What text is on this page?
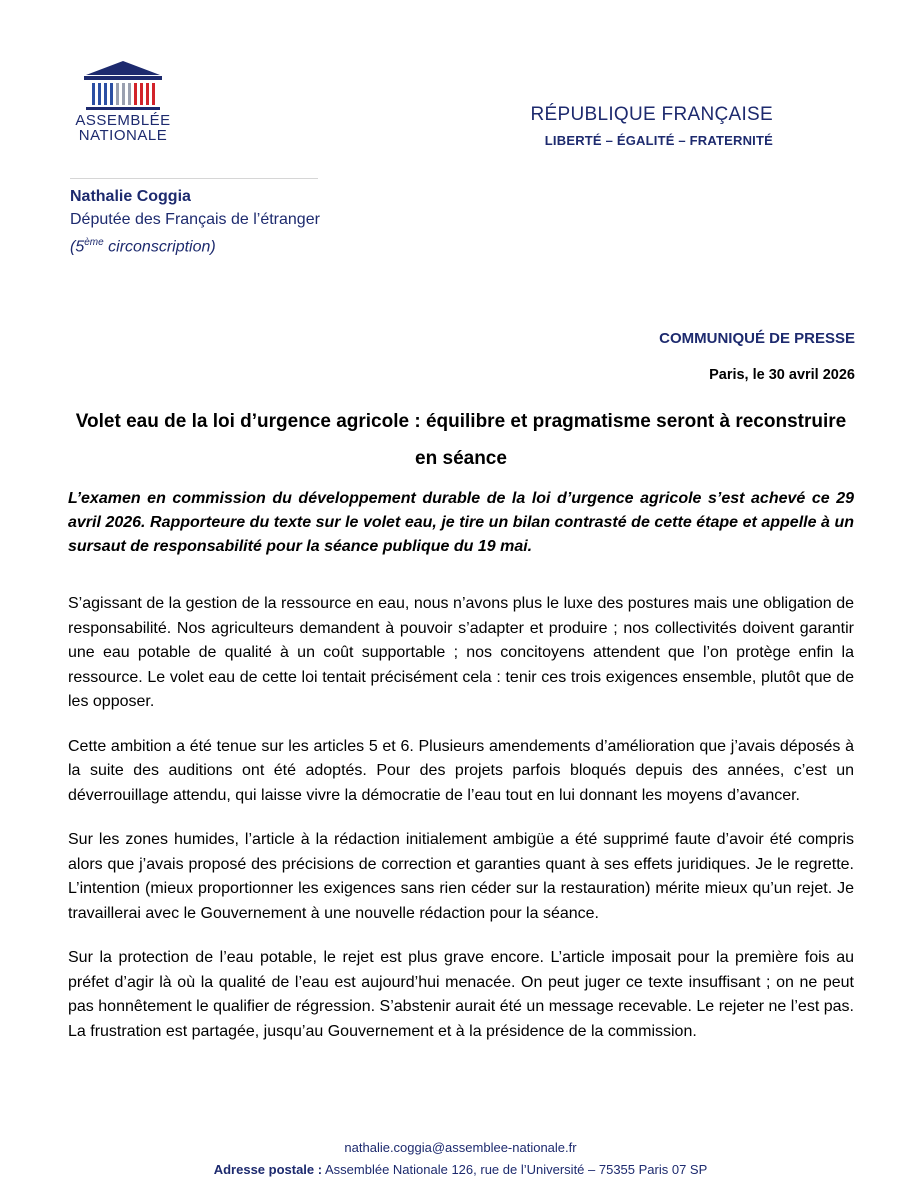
ASSEMBLÉE
NATIONALE
RÉPUBLIQUE FRANÇAISE
LIBERTÉ – ÉGALITÉ – FRATERNITÉ
Nathalie Coggia
Députée des Français de l’étranger
(5ème circonscription)
COMMUNIQUÉ DE PRESSE
Paris, le 30 avril 2026
Volet eau de la loi d’urgence agricole : équilibre et pragmatisme seront à reconstruire en séance
L’examen en commission du développement durable de la loi d’urgence agricole s’est achevé ce 29 avril 2026. Rapporteure du texte sur le volet eau, je tire un bilan contrasté de cette étape et appelle à un sursaut de responsabilité pour la séance publique du 19 mai.

S’agissant de la gestion de la ressource en eau, nous n’avons plus le luxe des postures mais une obligation de responsabilité. Nos agriculteurs demandent à pouvoir s’adapter et produire ; nos collectivités doivent garantir une eau potable de qualité à un coût supportable ; nos concitoyens attendent que l’on protège enfin la ressource. Le volet eau de cette loi tentait précisément cela : tenir ces trois exigences ensemble, plutôt que de les opposer.

Cette ambition a été tenue sur les articles 5 et 6. Plusieurs amendements d’amélioration que j’avais déposés à la suite des auditions ont été adoptés. Pour des projets parfois bloqués depuis des années, c’est un déverrouillage attendu, qui laisse vivre la démocratie de l’eau tout en lui donnant les moyens d’avancer.

Sur les zones humides, l’article à la rédaction initialement ambigüe a été supprimé faute d’avoir été compris alors que j’avais proposé des précisions de correction et garanties quant à ses effets juridiques. Je le regrette. L’intention (mieux proportionner les exigences sans rien céder sur la restauration) mérite mieux qu’un rejet. Je travaillerai avec le Gouvernement à une nouvelle rédaction pour la séance.

Sur la protection de l’eau potable, le rejet est plus grave encore. L’article imposait pour la première fois au préfet d’agir là où la qualité de l’eau est aujourd’hui menacée. On peut juger ce texte insuffisant ; on ne peut pas honnêtement le qualifier de régression. S’abstenir aurait été un message recevable. Le rejeter ne l’est pas. La frustration est partagée, jusqu’au Gouvernement et à la présidence de la commission.

nathalie.coggia@assemblee-nationale.fr
Adresse postale : Assemblée Nationale 126, rue de l’Université – 75355 Paris 07 SP
